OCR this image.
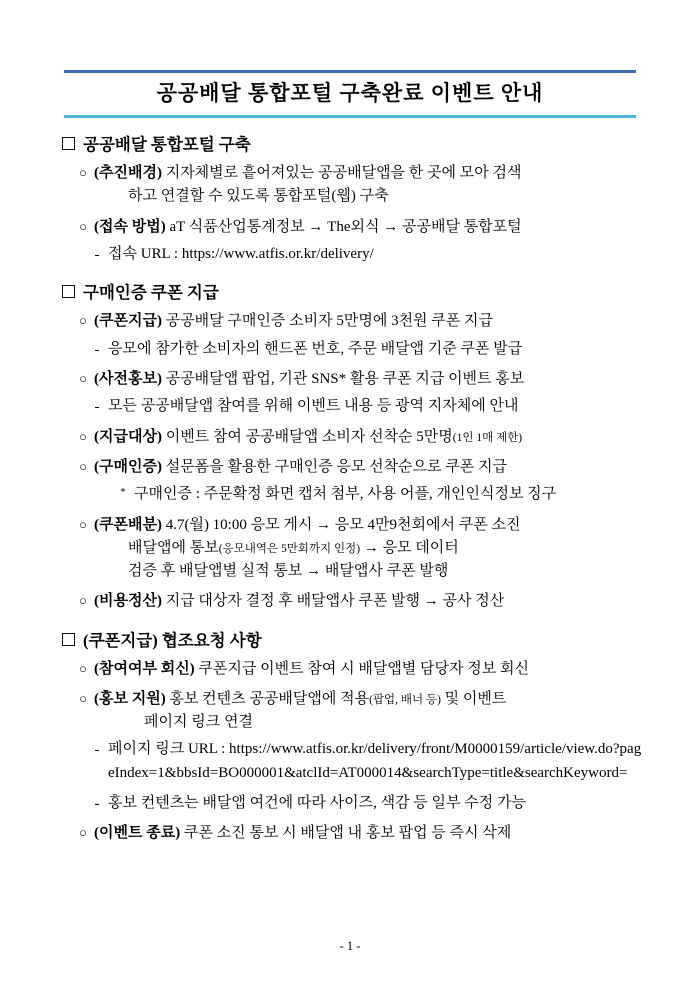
공공배달 통합포털 구축완료 이벤트 안내
공공배달 통합포털 구축
○ (추진배경) 지자체별로 흩어져있는 공공배달앱을 한 곳에 모아 검색
하고 연결할 수 있도록 통합포털(웹) 구축
○ (접속 방법) aT 식품산업통계정보 → The외식 → 공공배달 통합포털
- 접속 URL : https://www.atfis.or.kr/delivery/
구매인증 쿠폰 지급
○ (쿠폰지급) 공공배달 구매인증 소비자 5만명에 3천원 쿠폰 지급
- 응모에 참가한 소비자의 핸드폰 번호, 주문 배달앱 기준 쿠폰 발급
○ (사전홍보) 공공배달앱 팝업, 기관 SNS* 활용 쿠폰 지급 이벤트 홍보
- 모든 공공배달앱 참여를 위해 이벤트 내용 등 광역 지자체에 안내
○ (지급대상) 이벤트 참여 공공배달앱 소비자 선착순 5만명(1인 1매 제한)
○ (구매인증) 설문폼을 활용한 구매인증 응모 선착순으로 쿠폰 지급
* 구매인증 : 주문확정 화면 캡처 첨부, 사용 어플, 개인인식정보 징구
○ (쿠폰배분) 4.7(월) 10:00 응모 게시 → 응모 4만9천회에서 쿠폰 소진
배달앱에 통보(응모내역은 5만회까지 인정) → 응모 데이터
검증 후 배달앱별 실적 통보 → 배달앱사 쿠폰 발행
○ (비용정산) 지급 대상자 결정 후 배달앱사 쿠폰 발행 → 공사 정산
(쿠폰지급) 협조요청 사항
○ (참여여부 회신) 쿠폰지급 이벤트 참여 시 배달앱별 담당자 정보 회신
○ (홍보 지원) 홍보 컨텐츠 공공배달앱에 적용(팝업, 배너 등) 및 이벤트
페이지 링크 연결
- 페이지 링크 URL : https://www.atfis.or.kr/delivery/front/M0000159/article/view.do?pageIndex=1&bbsId=BO000001&atclId=AT000014&searchType=title&searchKeyword=
- 홍보 컨텐츠는 배달앱 여건에 따라 사이즈, 색감 등 일부 수정 가능
○ (이벤트 종료) 쿠폰 소진 통보 시 배달앱 내 홍보 팝업 등 즉시 삭제
- 1 -
